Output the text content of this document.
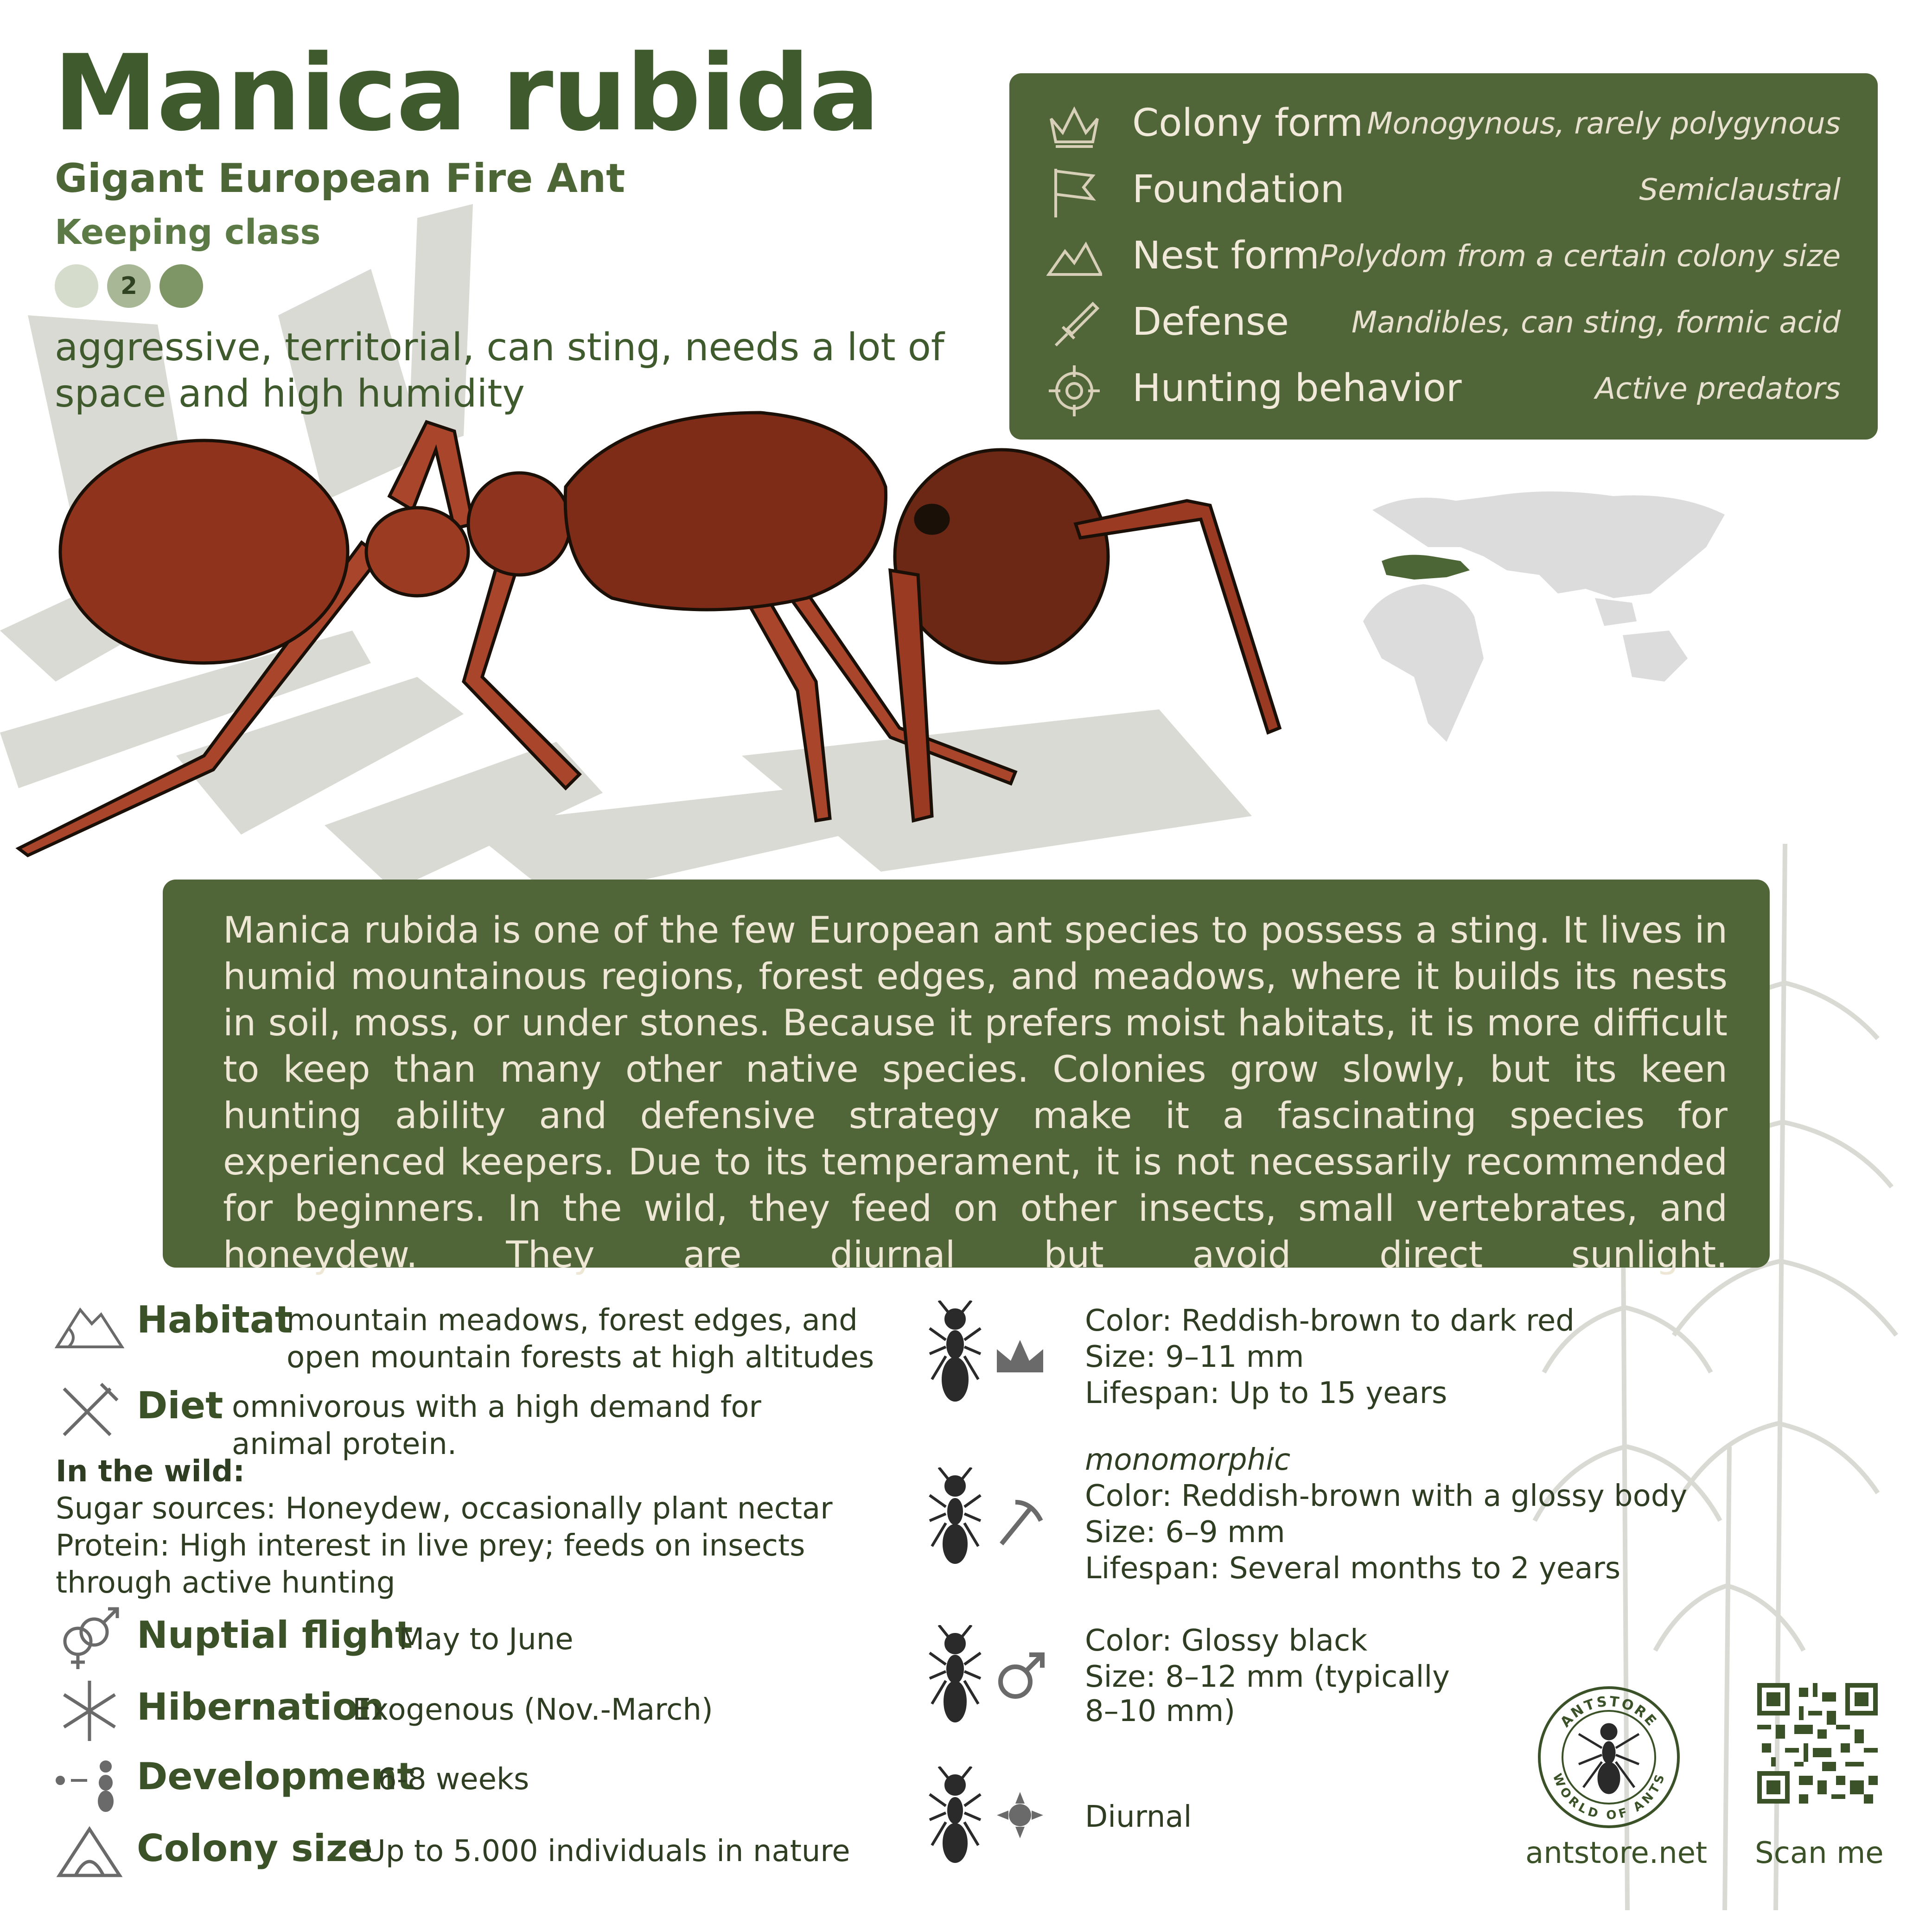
Manica rubida
Gigant European Fire Ant
Keeping class
2
aggressive, territorial, can sting, needs a lot of space and high humidity
Colony form Monogynous, rarely polygynous
Foundation	Semiclaustral
Nest form Polydom from a certain colony size
Defense Mandibles, can sting, formic acid
Hunting behavior	Active predators
Manica rubida is one of the few European ant species to possess a sting. It lives in humid mountainous regions, forest edges, and meadows, where it builds its nests in soil, moss, or under stones. Because it prefers moist habitats, it is more difficult to keep than many other native species. Colonies grow slowly, but its keen hunting ability and defensive strategy make it a fascinating species for experienced keepers. Due to its temperament, it is not necessarily recommended for beginners. In the wild, they feed on other insects, small vertebrates, and honeydew. They are diurnal but avoid direct sunlight.
Habitat
mountain meadows, forest edges, and open mountain forests at high altitudes
Diet omnivorous with a high demand for animal protein.
In the wild:
Sugar sources: Honeydew, occasionally plant nectar
Protein: High interest in live prey; feeds on insects through active hunting
Nuptial flight
May to June
Hibernation
Exogenous (Nov.-March)
Development
6-8 weeks
Colony size
Up to 5.000 individuals in nature
Color: Reddish-brown to dark red
Size: 9–11 mm
Lifespan: Up to 15 years
monomorphic
Color: Reddish-brown with a glossy body
Size: 6–9 mm
Lifespan: Several months to 2 years
Color: Glossy black
Size: 8–12 mm (typically
8–10 mm)
Diurnal
ANTSTORE
WORLD OF ANTS
antstore.net Scan me
